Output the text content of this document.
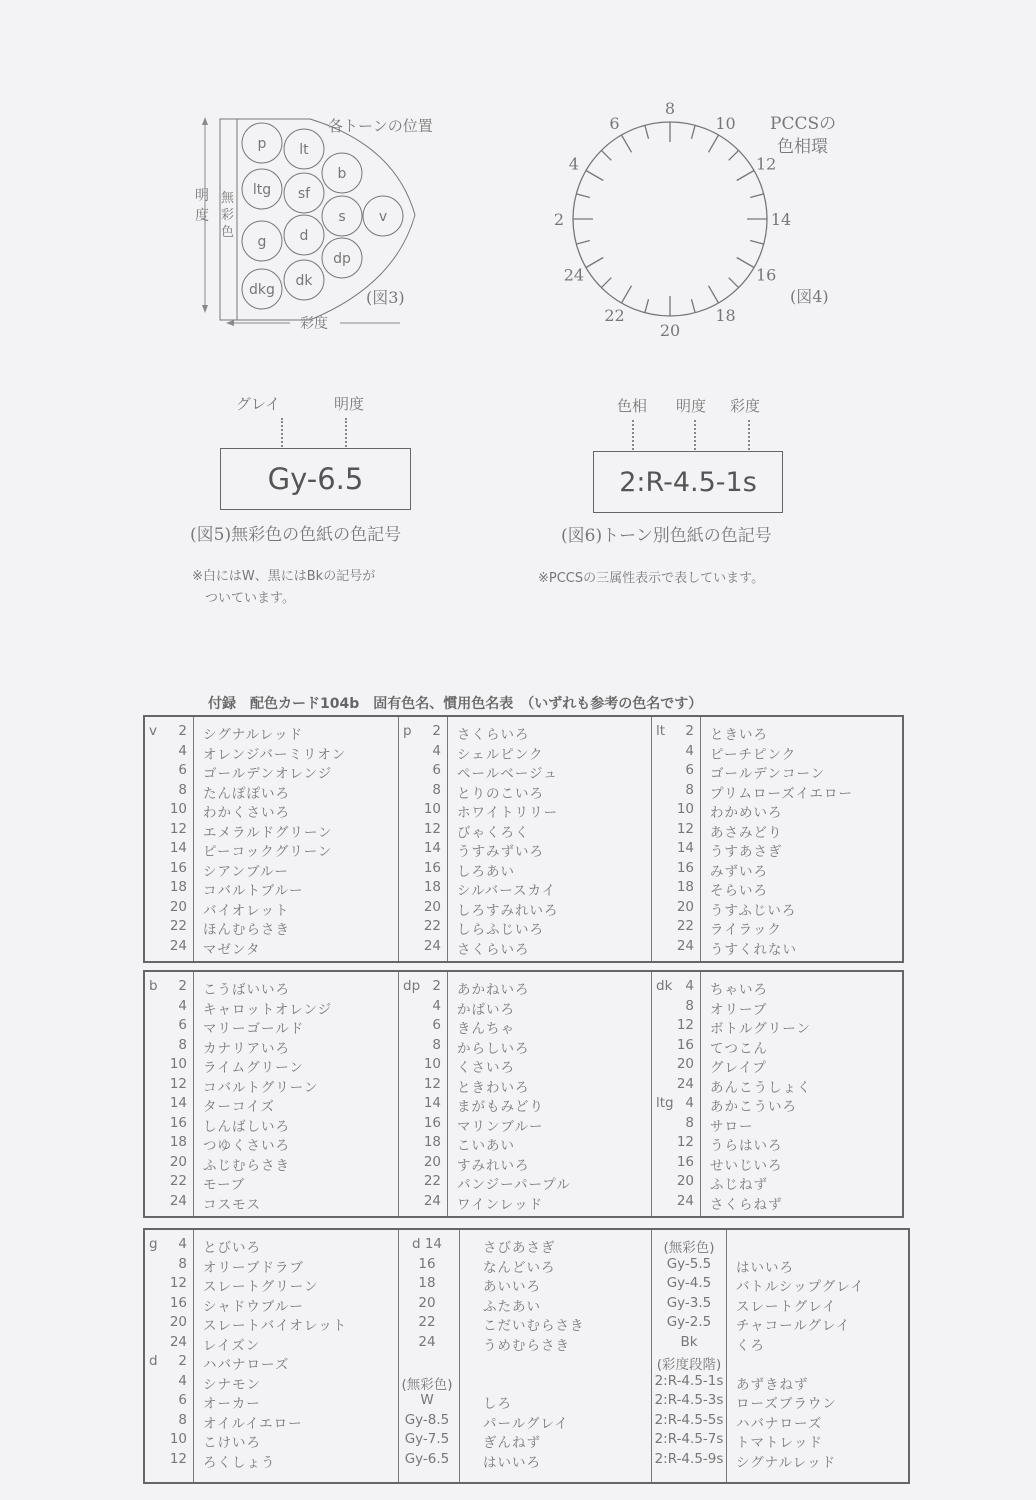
各トーンの位置
明
度
無
彩
色
p lt
b
ltg sf
s v
g d
dp
dkg
dk
彩度
(図3)
2
4
6
8
10
12
14
16
18
20
22
24
PCCSの
色相環
(図4)
グレイ	明度
Gy-6.5
(図5)無彩色の色紙の色記号
※白にはW、黒にはBkの記号が
　ついています。
色相 明度 彩度
2:R-4.5-1s
(図6)トーン別色紙の色記号
※PCCSの三属性表示で表しています。
付録　配色カード104b　固有色名、慣用色名表　（いずれも参考の色名です）
v	2 シグナルレッド
4 オレンジバーミリオン
6 ゴールデンオレンジ
8 たんぽぽいろ
10 わかくさいろ
12 エメラルドグリーン
14 ピーコックグリーン
16 シアンブルー
18 コバルトブルー
20 バイオレット
22 ほんむらさき
24 マゼンタ
p	2 さくらいろ
4 シェルピンク
6 ペールベージュ
8 とりのこいろ
10 ホワイトリリー
12 びゃくろく
14 うすみずいろ
16 しろあい
18 シルバースカイ
20 しろすみれいろ
22 しらふじいろ
24 さくらいろ
lt	2 ときいろ
4 ピーチピンク
6 ゴールデンコーン
8 プリムローズイエロー
10 わかめいろ
12 あさみどり
14 うすあさぎ
16 みずいろ
18 そらいろ
20 うすふじいろ
22 ライラック
24 うすくれない
b	2 こうばいいろ
4 キャロットオレンジ
6 マリーゴールド
8 カナリアいろ
10 ライムグリーン
12 コバルトグリーン
14 ターコイズ
16 しんばしいろ
18 つゆくさいろ
20 ふじむらさき
22 モーブ
24 コスモス
dp 2 あかねいろ
4 かばいろ
6 きんちゃ
8 からしいろ
10 くさいろ
12 ときわいろ
14 まがもみどり
16 マリンブルー
18 こいあい
20 すみれいろ
22 パンジーパープル
24 ワインレッド
dk 4 ちゃいろ
8 オリーブ
12 ボトルグリーン
16 てつこん
20 グレイプ
24 あんこうしょく
ltg 4 あかこういろ
8 サロー
12 うらはいろ
16 せいじいろ
20 ふじねず
24 さくらねず
g	4 とびいろ
8 オリーブドラブ
12 スレートグリーン
16 シャドウブルー
20 スレートバイオレット
24 レイズン
d	2 ハバナローズ
4 シナモン
6 オーカー
8 オイルイエロー
10 こけいろ
12 ろくしょう
d 14	さびあさぎ
16	なんどいろ
18	あいいろ
20	ふたあい
22	こだいむらさき
24	うめむらさき
(無彩色)
W	しろ
Gy-8.5 パールグレイ
Gy-7.5 ぎんねず
Gy-6.5 はいいろ
(無彩色)
Gy-5.5	はいいろ
Gy-4.5	バトルシップグレイ
Gy-3.5	スレートグレイ
Gy-2.5	チャコールグレイ
Bk	くろ
(彩度段階)
2:R-4.5-1s あずきねず
2:R-4.5-3s ローズブラウン
2:R-4.5-5s ハバナローズ
2:R-4.5-7s トマトレッド
2:R-4.5-9s シグナルレッド
